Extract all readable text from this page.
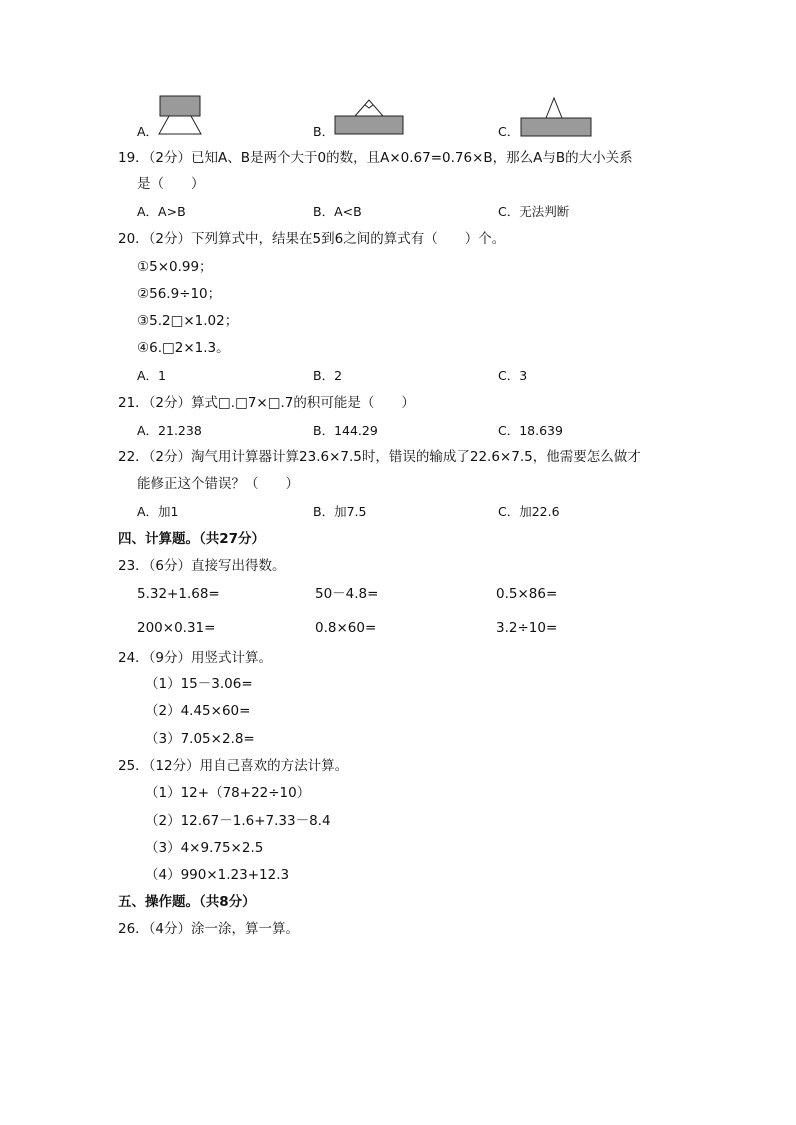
A．	B．	C．
19．（2分）已知A、B是两个大于0的数，且A×0.67=0.76×B，那么A与B的大小关系
是（　　）
A．A>B	B．A<B	C．无法判断
20．（2分）下列算式中，结果在5到6之间的算式有（　　）个。
①5×0.99；
②56.9÷10；
③5.2□×1.02；
④6.□2×1.3。
A．1	B．2	C．3
21．（2分）算式□.□7×□.7的积可能是（　　）
A．21.238	B．144.29	C．18.639
22．（2分）淘气用计算器计算23.6×7.5时，错误的输成了22.6×7.5，他需要怎么做才
能修正这个错误？（　　）
A．加1	B．加7.5	C．加22.6
四、计算题。（共27分）
23．（6分）直接写出得数。
5.32+1.68=	50－4.8=	0.5×86=
200×0.31=	0.8×60=	3.2÷10=
24．（9分）用竖式计算。
（1）15－3.06=
（2）4.45×60=
（3）7.05×2.8=
25．（12分）用自己喜欢的方法计算。
（1）12+（78+22÷10）
（2）12.67－1.6+7.33－8.4
（3）4×9.75×2.5
（4）990×1.23+12.3
五、操作题。（共8分）
26．（4分）涂一涂，算一算。
